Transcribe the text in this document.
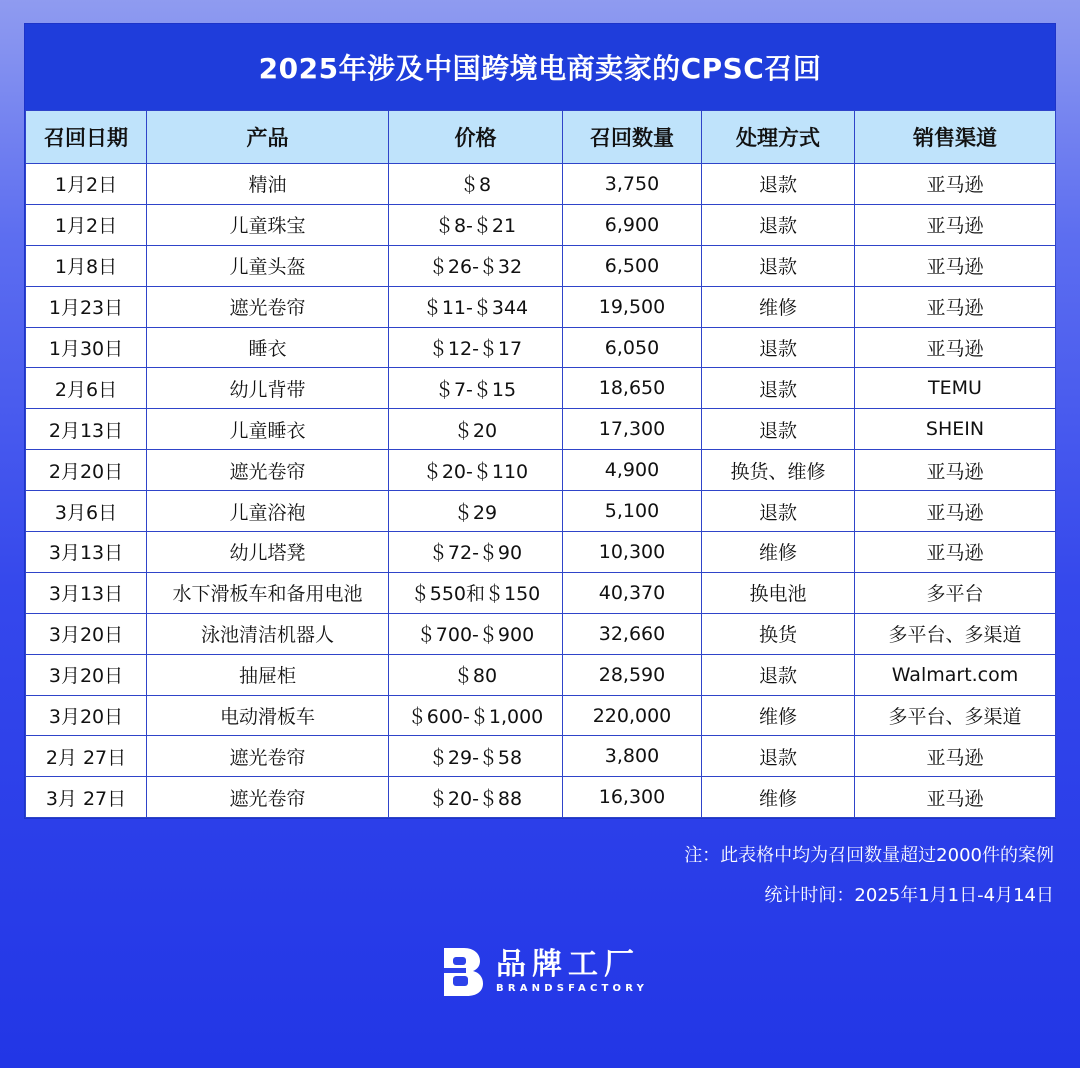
2025年涉及中国跨境电商卖家的CPSC召回
召回日期	产品	价格	召回数量	处理方式	销售渠道
1月2日	精油	＄8	3,750	退款	亚马逊
1月2日	儿童珠宝	＄8-＄21	6,900	退款	亚马逊
1月8日	儿童头盔	＄26-＄32	6,500	退款	亚马逊
1月23日	遮光卷帘	＄11-＄344	19,500	维修	亚马逊
1月30日	睡衣	＄12-＄17	6,050	退款	亚马逊
2月6日	幼儿背带	＄7-＄15	18,650	退款	TEMU
2月13日	儿童睡衣	＄20	17,300	退款	SHEIN
2月20日	遮光卷帘	＄20-＄110	4,900	换货、维修	亚马逊
3月6日	儿童浴袍	＄29	5,100	退款	亚马逊
3月13日	幼儿塔凳	＄72-＄90	10,300	维修	亚马逊
3月13日	水下滑板车和备用电池	＄550和＄150	40,370	换电池	多平台
3月20日	泳池清洁机器人	＄700-＄900	32,660	换货	多平台、多渠道
3月20日	抽屉柜	＄80	28,590	退款	Walmart.com
3月20日	电动滑板车	＄600-＄1,000	220,000	维修	多平台、多渠道
2月 27日	遮光卷帘	＄29-＄58	3,800	退款	亚马逊
3月 27日	遮光卷帘	＄20-＄88	16,300	维修	亚马逊
注：此表格中均为召回数量超过2000件的案例
统计时间：2025年1月1日-4月14日
品牌工厂
BRANDSFACTORY
